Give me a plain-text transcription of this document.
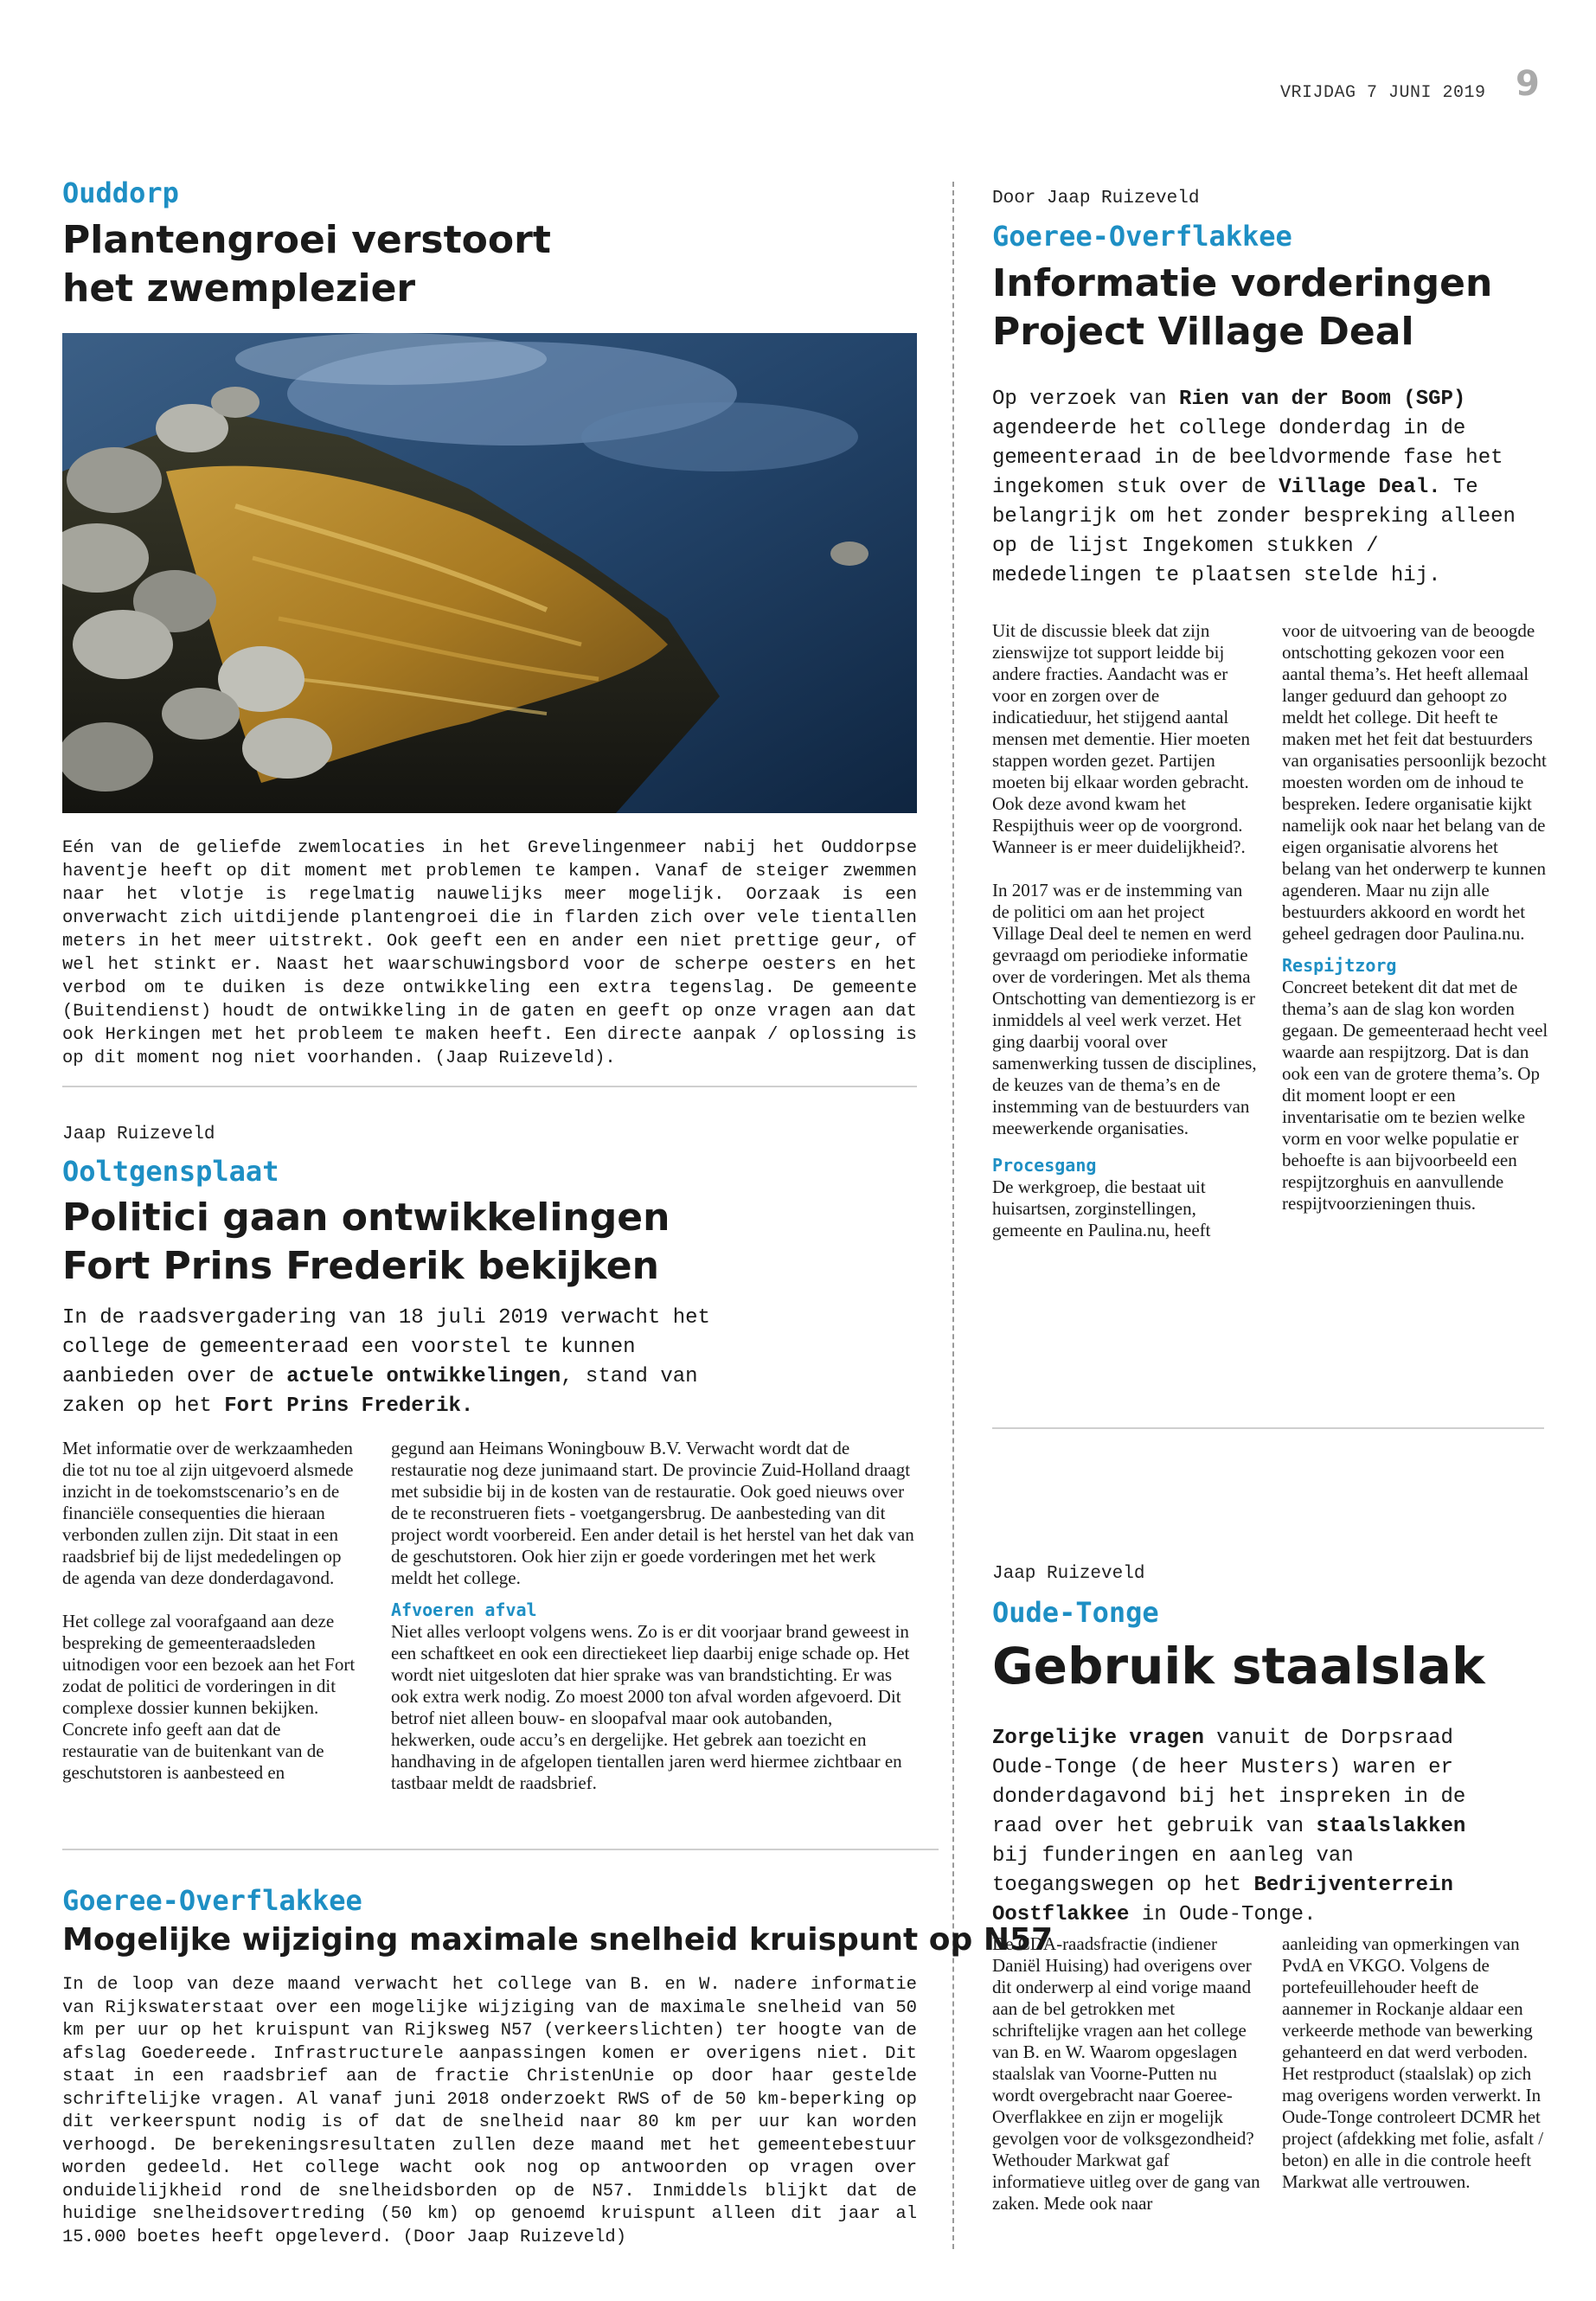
VRIJDAG 7 JUNI 2019 9
Ouddorp
Plantengroei verstoort
het zwemplezier

Eén van de geliefde zwemlocaties in het Grevelingenmeer nabij het Ouddorpse haventje heeft op dit moment met problemen te kampen. Vanaf de steiger zwemmen naar het vlotje is regelmatig nauwelijks meer mogelijk. Oorzaak is een onverwacht zich uitdijende plantengroei die in flarden zich over vele tientallen meters in het meer uitstrekt. Ook geeft een en ander een niet prettige geur, of wel het stinkt er. Naast het waarschuwingsbord voor de scherpe oesters en het verbod om te duiken is deze ontwikkeling een extra tegenslag. De gemeente (Buitendienst) houdt de ontwikkeling in de gaten en geeft op onze vragen aan dat ook Herkingen met het probleem te maken heeft. Een directe aanpak / oplossing is op dit moment nog niet voorhanden. (Jaap Ruizeveld).

Jaap Ruizeveld
Ooltgensplaat
Politici gaan ontwikkelingen
Fort Prins Frederik bekijken

In de raadsvergadering van 18 juli 2019 verwacht het college de gemeenteraad een voorstel te kunnen aanbieden over de actuele ontwikkelingen, stand van zaken op het Fort Prins Frederik.

Met informatie over de werkzaamheden die tot nu toe al zijn uitgevoerd alsmede inzicht in de toekomstscenario’s en de financiële consequenties die hieraan verbonden zullen zijn. Dit staat in een raadsbrief bij de lijst mededelingen op de agenda van deze donderdagavond.

Het college zal voorafgaand aan deze bespreking de gemeenteraadsleden uitnodigen voor een bezoek aan het Fort zodat de politici de vorderingen in dit complexe dossier kunnen bekijken. Concrete info geeft aan dat de restauratie van de buitenkant van de geschutstoren is aanbesteed en

gegund aan Heimans Woningbouw B.V. Verwacht wordt dat de restauratie nog deze junimaand start. De provincie Zuid-Holland draagt met subsidie bij in de kosten van de restauratie. Ook goed nieuws over de te reconstrueren fiets - voetgangersbrug. De aanbesteding van dit project wordt voorbereid. Een ander detail is het herstel van het dak van de geschutstoren. Ook hier zijn er goede vorderingen met het werk meldt het college.

Afvoeren afval

Niet alles verloopt volgens wens. Zo is er dit voorjaar brand geweest in een schaftkeet en ook een directiekeet liep daarbij enige schade op. Het wordt niet uitgesloten dat hier sprake was van brandstichting. Er was ook extra werk nodig. Zo moest 2000 ton afval worden afgevoerd. Dit betrof niet alleen bouw- en sloopafval maar ook autobanden, hekwerken, oude accu’s en dergelijke. Het gebrek aan toezicht en handhaving in de afgelopen tientallen jaren werd hiermee zichtbaar en tastbaar meldt de raadsbrief.

Goeree-Overflakkee
Mogelijke wijziging maximale snelheid kruispunt op N57

In de loop van deze maand verwacht het college van B. en W. nadere informatie van Rijkswaterstaat over een mogelijke wijziging van de maximale snelheid van 50 km per uur op het kruispunt van Rijksweg N57 (verkeerslichten) ter hoogte van de afslag Goedereede. Infrastructurele aanpassingen komen er overigens niet. Dit staat in een raadsbrief aan de fractie ChristenUnie op door haar gestelde schriftelijke vragen. Al vanaf juni 2018 onderzoekt RWS of de 50 km-beperking op dit verkeerspunt nodig is of dat de snelheid naar 80 km per uur kan worden verhoogd. De berekeningsresultaten zullen deze maand met het gemeentebestuur worden gedeeld. Het college wacht ook nog op antwoorden op vragen over onduidelijkheid rond de snelheidsborden op de N57. Inmiddels blijkt dat de huidige snelheidsovertreding (50 km) op genoemd kruispunt alleen dit jaar al 15.000 boetes heeft opgeleverd. (Door Jaap Ruizeveld)

Door Jaap Ruizeveld
Goeree-Overflakkee
Informatie vorderingen
Project Village Deal

Op verzoek van Rien van der Boom (SGP) agendeerde het college donderdag in de gemeenteraad in de beeldvormende fase het ingekomen stuk over de Village Deal. Te belangrijk om het zonder bespreking alleen op de lijst Ingekomen stukken / mededelingen te plaatsen stelde hij.

Uit de discussie bleek dat zijn zienswijze tot support leidde bij andere fracties. Aandacht was er voor en zorgen over de indicatieduur, het stijgend aantal mensen met dementie. Hier moeten stappen worden gezet. Partijen moeten bij elkaar worden gebracht. Ook deze avond kwam het Respijthuis weer op de voorgrond. Wanneer is er meer duidelijkheid?.

In 2017 was er de instemming van de politici om aan het project Village Deal deel te nemen en werd gevraagd om periodieke informatie over de vorderingen. Met als thema Ontschotting van dementiezorg is er inmiddels al veel werk verzet. Het ging daarbij vooral over samenwerking tussen de disciplines, de keuzes van de thema’s en de instemming van de bestuurders van meewerkende organisaties.

Procesgang

De werkgroep, die bestaat uit huisartsen, zorginstellingen, gemeente en Paulina.nu, heeft

voor de uitvoering van de beoogde ontschotting gekozen voor een aantal thema’s. Het heeft allemaal langer geduurd dan gehoopt zo meldt het college. Dit heeft te maken met het feit dat bestuurders van organisaties persoonlijk bezocht moesten worden om de inhoud te bespreken. Iedere organisatie kijkt namelijk ook naar het belang van de eigen organisatie alvorens het belang van het onderwerp te kunnen agenderen. Maar nu zijn alle bestuurders akkoord en wordt het geheel gedragen door Paulina.nu.

Respijtzorg

Concreet betekent dit dat met de thema’s aan de slag kon worden gegaan. De gemeenteraad hecht veel waarde aan respijtzorg. Dat is dan ook een van de grotere thema’s. Op dit moment loopt er een inventarisatie om te bezien welke vorm en voor welke populatie er behoefte is aan bijvoorbeeld een respijtzorghuis en aanvullende respijtvoorzieningen thuis.

Jaap Ruizeveld
Oude-Tonge
Gebruik staalslak

Zorgelijke vragen vanuit de Dorpsraad Oude-Tonge (de heer Musters) waren er donderdagavond bij het inspreken in de raad over het gebruik van staalslakken bij funderingen en aanleg van toegangswegen op het Bedrijventerrein Oostflakkee in Oude-Tonge.

De CDA-raadsfractie (indiener Daniël Huising) had overigens over dit onderwerp al eind vorige maand aan de bel getrokken met schriftelijke vragen aan het college van B. en W. Waarom opgeslagen staalslak van Voorne-Putten nu wordt overgebracht naar Goeree-Overflakkee en zijn er mogelijk gevolgen voor de volksgezondheid?

Wethouder Markwat gaf informatieve uitleg over de gang van zaken. Mede ook naar

aanleiding van opmerkingen van PvdA en VKGO. Volgens de portefeuillehouder heeft de aannemer in Rockanje aldaar een verkeerde methode van bewerking gehanteerd en dat werd verboden. Het restproduct (staalslak) op zich mag overigens worden verwerkt. In Oude-Tonge controleert DCMR het project (afdekking met folie, asfalt / beton) en alle in die controle heeft Markwat alle vertrouwen.
